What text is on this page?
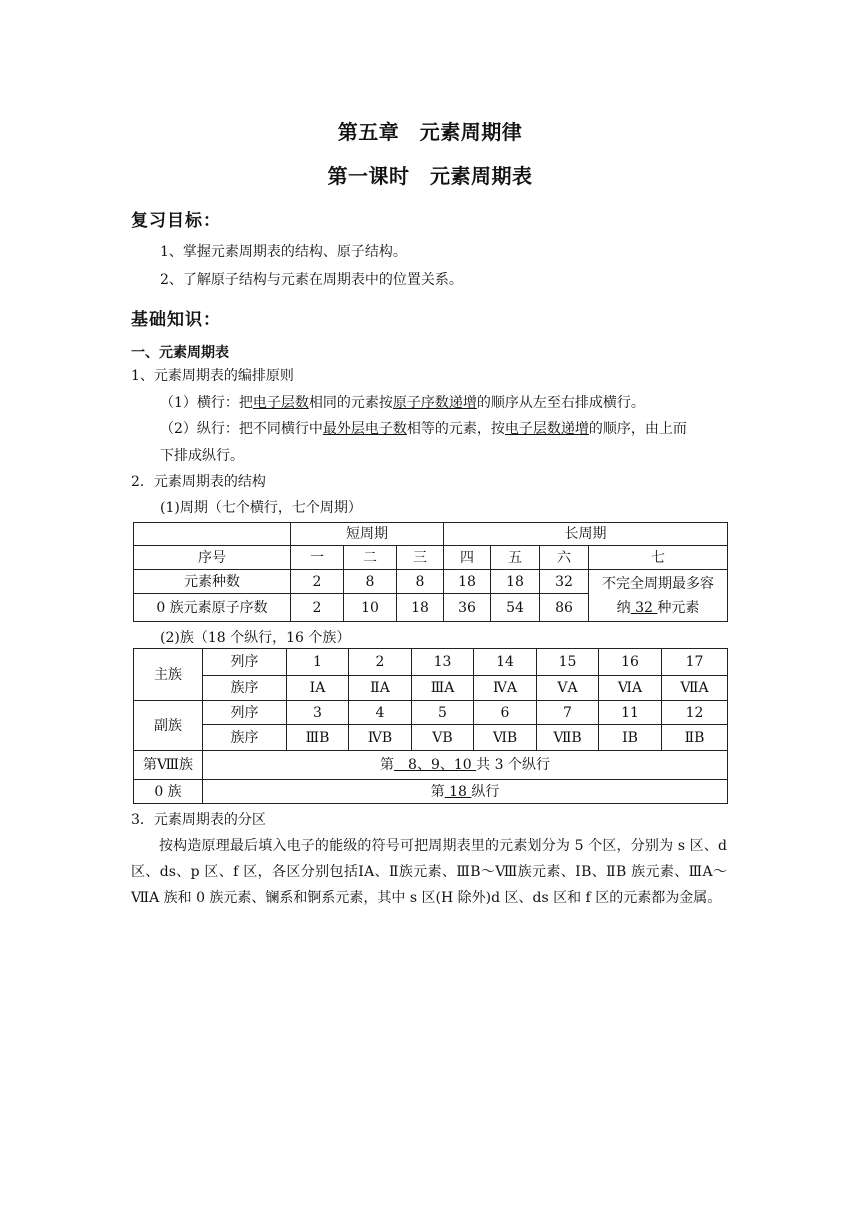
第五章　元素周期律
第一课时　元素周期表
复习目标：
1、掌握元素周期表的结构、原子结构。
2、了解原子结构与元素在周期表中的位置关系。
基础知识：
一、元素周期表
1、元素周期表的编排原则
（1）横行：把电子层数相同的元素按原子序数递增的顺序从左至右排成横行。
（2）纵行：把不同横行中最外层电子数相等的元素，按电子层数递增的顺序，由上而
下排成纵行。
2．元素周期表的结构
(1)周期（七个横行，七个周期）
	短周期			长周期			
序号	一	二	三	四	五	六	七
元素种数	2	8	8	18	18	32	不完全周期最多容
纳 32 种元素
0 族元素原子序数	2	10	18	36	54	86	
(2)族（18 个纵行，16 个族）
主族	列序	1	2	13	14	15	16	17
	族序	ⅠA	ⅡA	ⅢA	ⅣA	ⅤA	ⅥA	ⅦA
副族	列序	3	4	5	6	7	11	12
	族序	ⅢB	ⅣB	ⅤB	ⅥB	ⅦB	ⅠB	ⅡB
第Ⅷ族	第　8、9、10 共 3 个纵行							
0 族	第 18 纵行							
3．元素周期表的分区
按构造原理最后填入电子的能级的符号可把周期表里的元素划分为 5 个区，分别为 s 区、d 区、ds、p 区、f 区，各区分别包括ⅠA、Ⅱ族元素、ⅢB～Ⅷ族元素、ⅠB、ⅡB 族元素、ⅢA～ⅦA 族和 0 族元素、镧系和锕系元素，其中 s 区(H 除外)d 区、ds 区和 f 区的元素都为金属。
